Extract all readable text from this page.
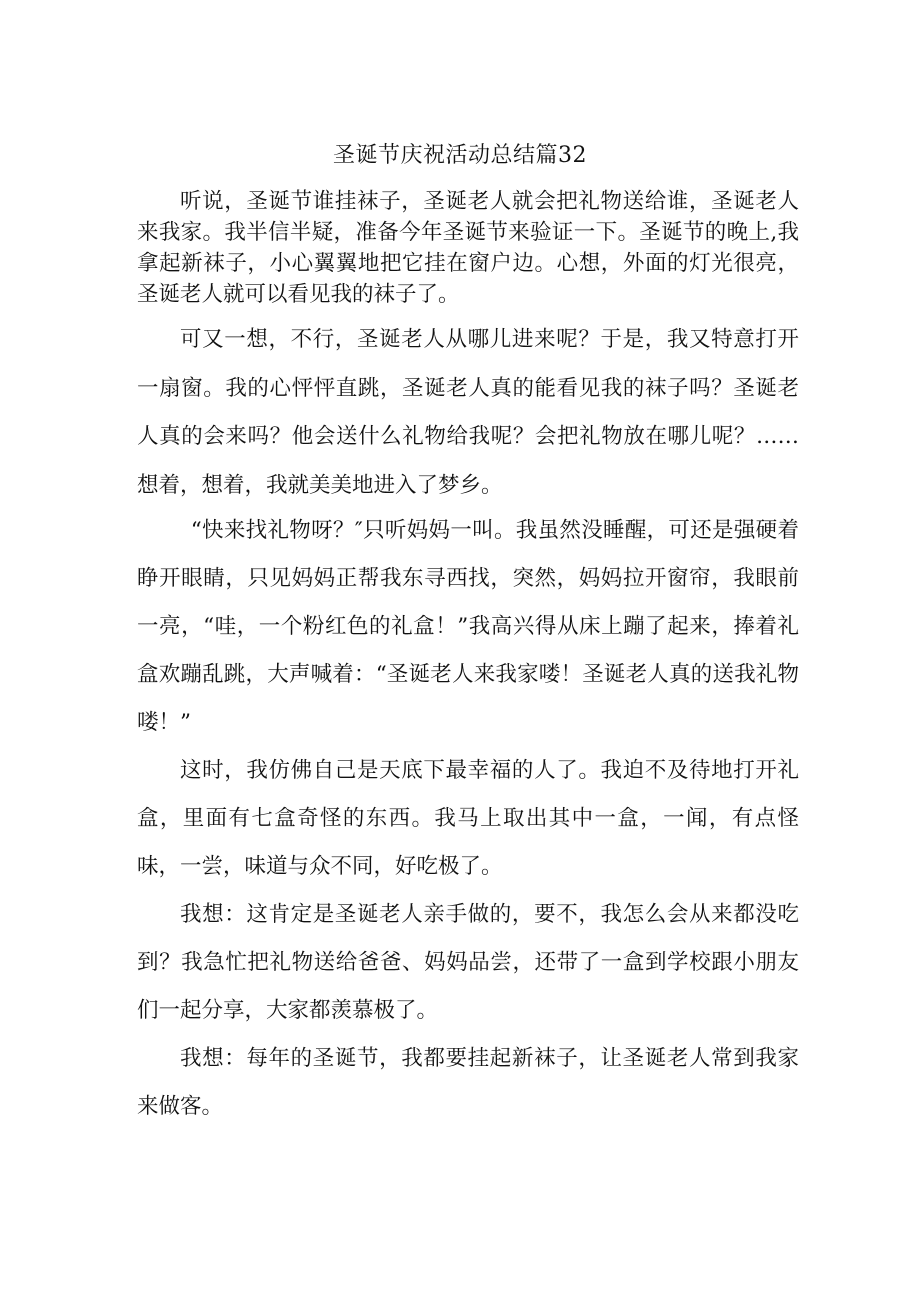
圣诞节庆祝活动总结篇32

听说，圣诞节谁挂袜子，圣诞老人就会把礼物送给谁，圣诞老人来我家。我半信半疑，准备今年圣诞节来验证一下。圣诞节的晚上,我拿起新袜子，小心翼翼地把它挂在窗户边。心想，外面的灯光很亮，圣诞老人就可以看见我的袜子了。

可又一想，不行，圣诞老人从哪儿进来呢？于是，我又特意打开一扇窗。我的心怦怦直跳，圣诞老人真的能看见我的袜子吗？圣诞老人真的会来吗？他会送什么礼物给我呢？会把礼物放在哪儿呢？……想着，想着，我就美美地进入了梦乡。

“快来找礼物呀？″只听妈妈一叫。我虽然没睡醒，可还是强硬着睁开眼睛，只见妈妈正帮我东寻西找，突然，妈妈拉开窗帘，我眼前一亮，“哇，一个粉红色的礼盒！”我高兴得从床上蹦了起来，捧着礼盒欢蹦乱跳，大声喊着：“圣诞老人来我家喽！圣诞老人真的送我礼物喽！”

这时，我仿佛自己是天底下最幸福的人了。我迫不及待地打开礼盒，里面有七盒奇怪的东西。我马上取出其中一盒，一闻，有点怪味，一尝，味道与众不同，好吃极了。

我想：这肯定是圣诞老人亲手做的，要不，我怎么会从来都没吃到？我急忙把礼物送给爸爸、妈妈品尝，还带了一盒到学校跟小朋友们一起分享，大家都羡慕极了。

我想：每年的圣诞节，我都要挂起新袜子，让圣诞老人常到我家来做客。
